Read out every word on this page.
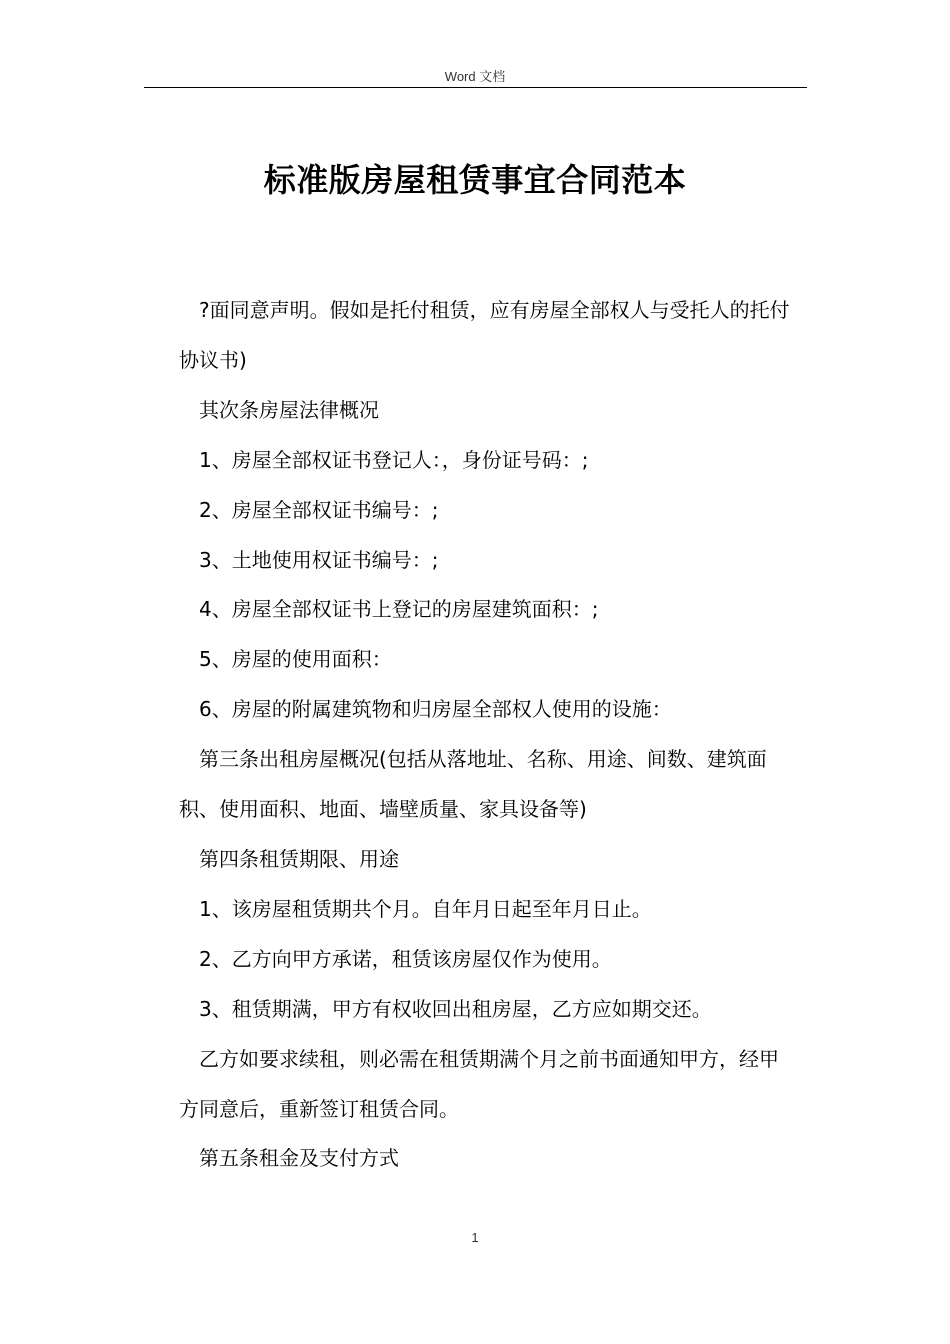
Word 文档
标准版房屋租赁事宜合同范本

?面同意声明。假如是托付租赁，应有房屋全部权人与受托人的托付协议书)

其次条房屋法律概况

1、房屋全部权证书登记人：，身份证号码：;

2、房屋全部权证书编号：;

3、土地使用权证书编号：;

4、房屋全部权证书上登记的房屋建筑面积：;

5、房屋的使用面积：

6、房屋的附属建筑物和归房屋全部权人使用的设施：

第三条出租房屋概况(包括从落地址、名称、用途、间数、建筑面积、使用面积、地面、墙壁质量、家具设备等)

第四条租赁期限、用途

1、该房屋租赁期共个月。自年月日起至年月日止。

2、乙方向甲方承诺，租赁该房屋仅作为使用。

3、租赁期满，甲方有权收回出租房屋，乙方应如期交还。

乙方如要求续租，则必需在租赁期满个月之前书面通知甲方，经甲方同意后，重新签订租赁合同。

第五条租金及支付方式

1
